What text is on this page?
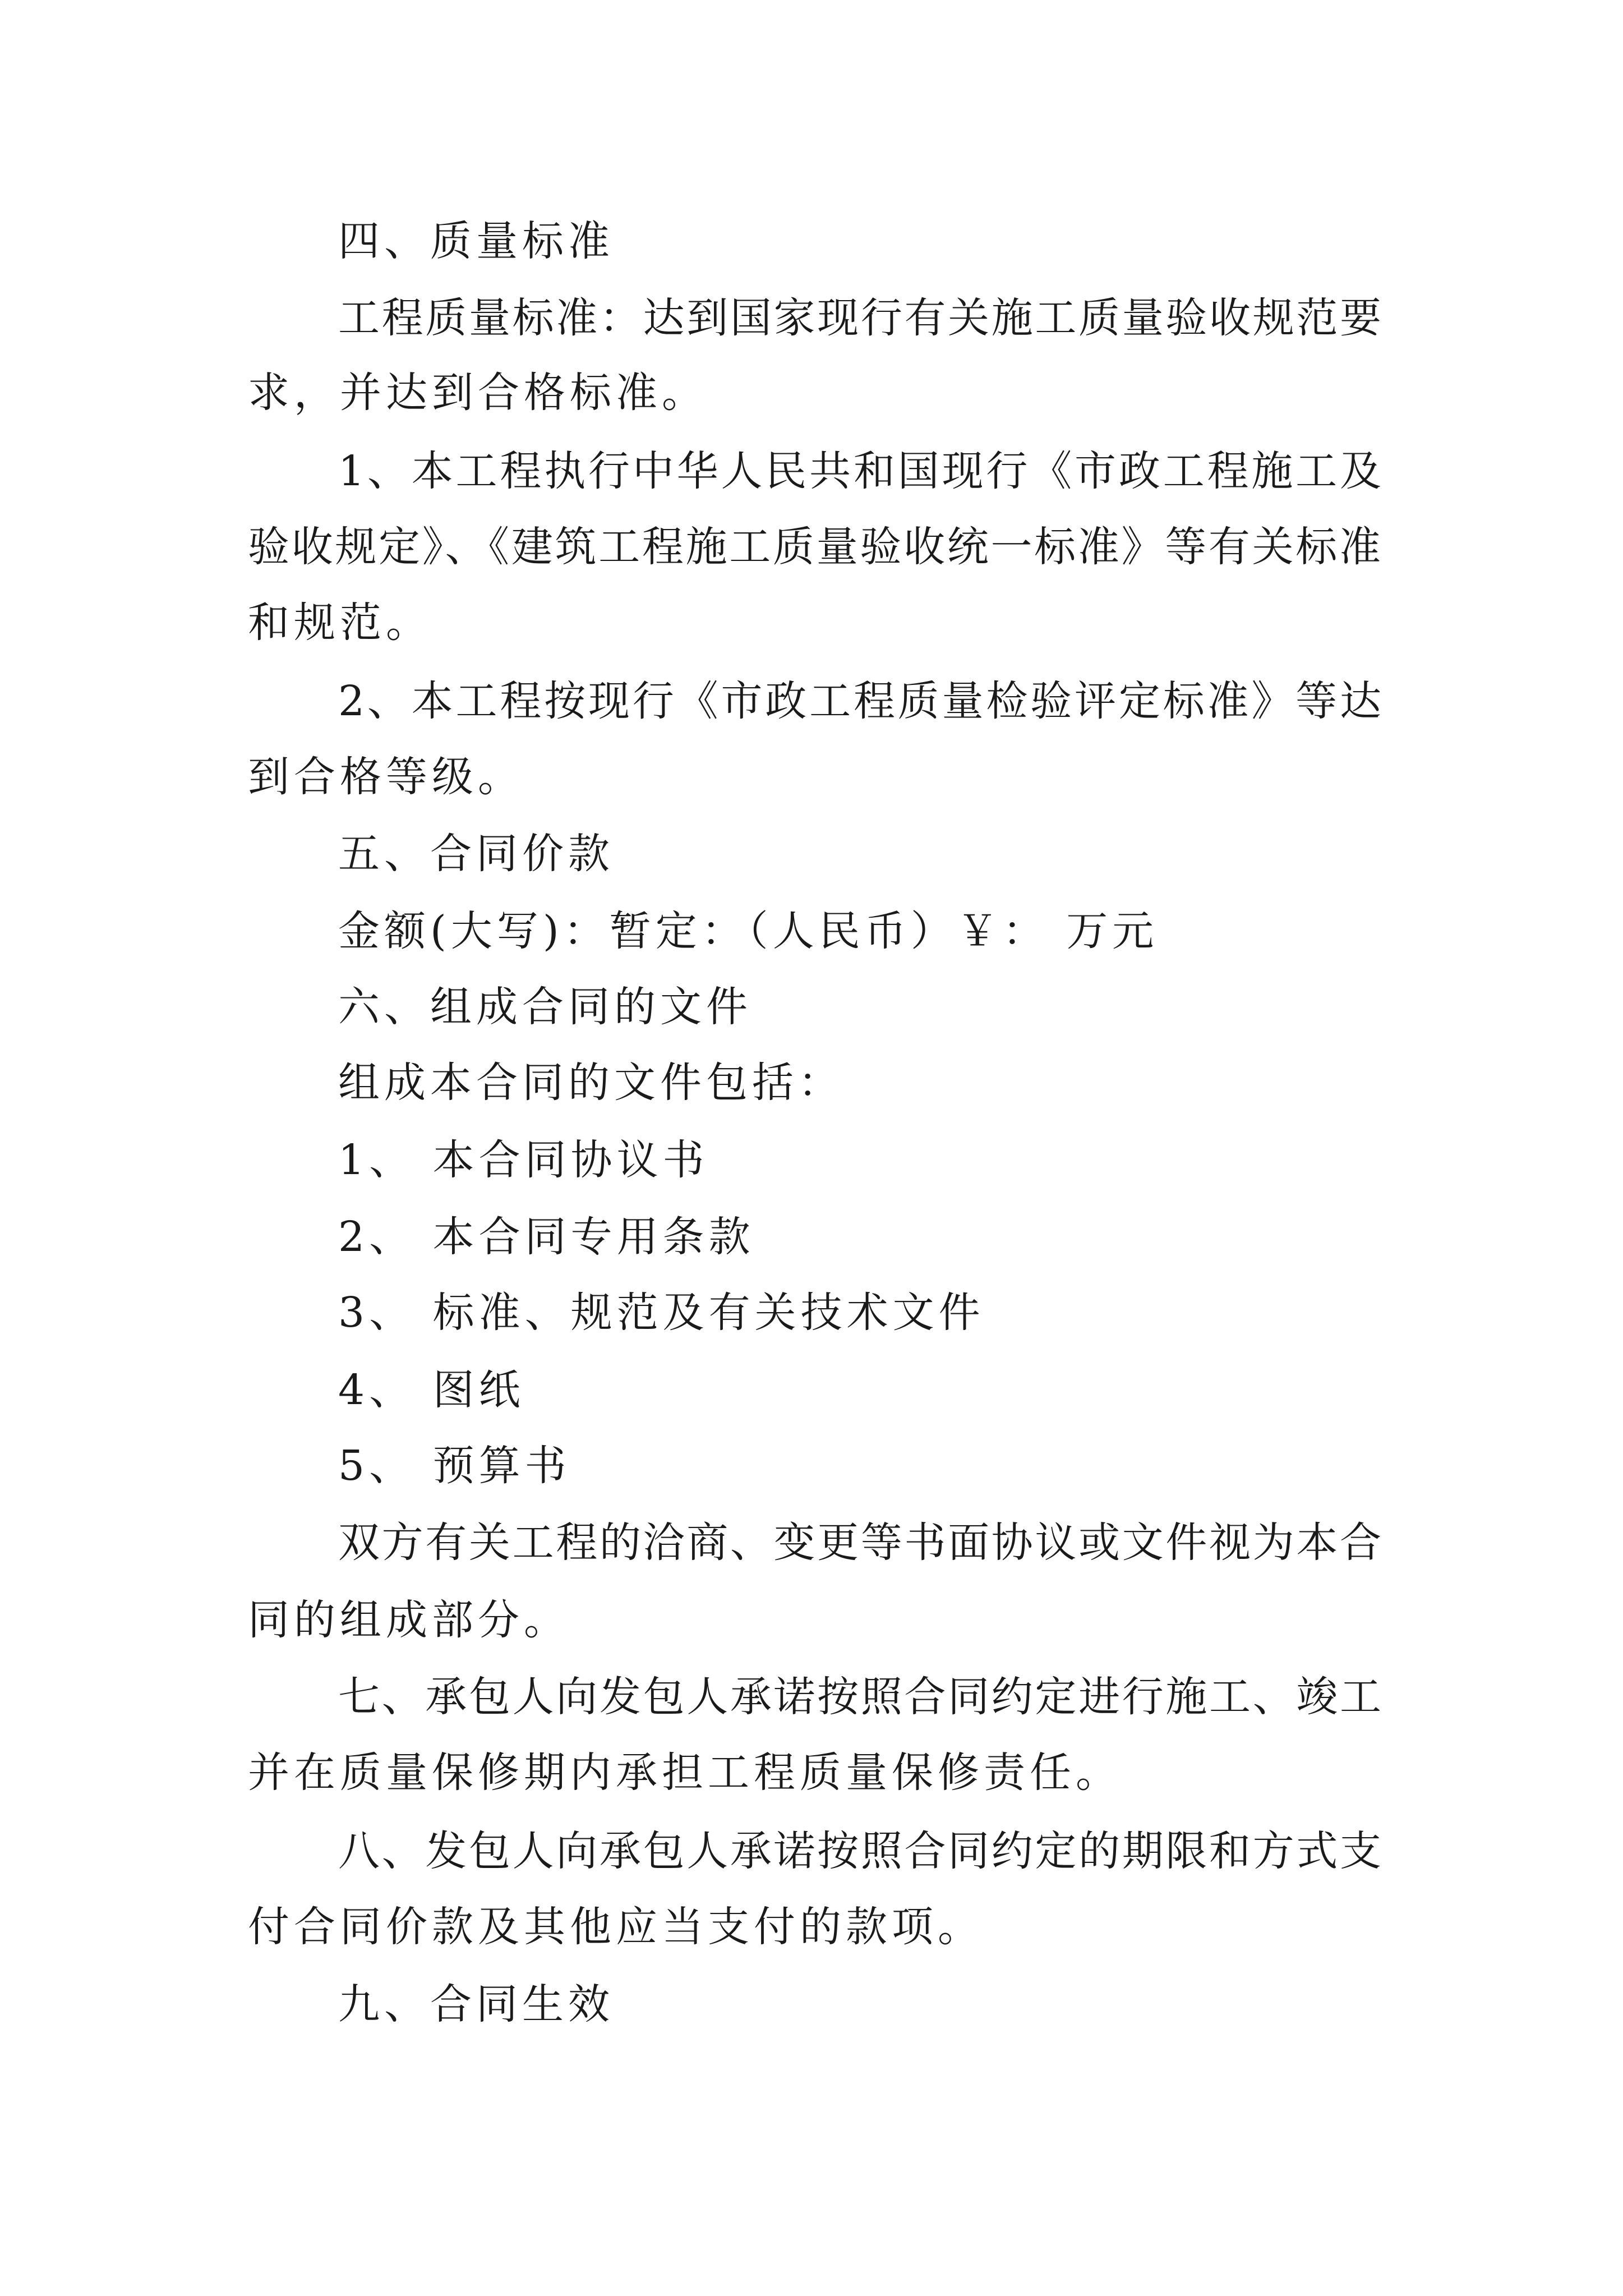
四、质量标准
工程质量标准：达到国家现行有关施工质量验收规范要
求，并达到合格标准。
1、本工程执行中华人民共和国现行《市政工程施工及
验收规定》、《建筑工程施工质量验收统一标准》等有关标准
和规范。
2、本工程按现行《市政工程质量检验评定标准》等达
到合格等级。
五、合同价款
金额(大写)：暂定：（人民币）￥： 万元
六、组成合同的文件
组成本合同的文件包括：
1、 本合同协议书
2、 本合同专用条款
3、 标准、规范及有关技术文件
4、 图纸
5、 预算书
双方有关工程的洽商、变更等书面协议或文件视为本合
同的组成部分。
七、承包人向发包人承诺按照合同约定进行施工、竣工
并在质量保修期内承担工程质量保修责任。
八、发包人向承包人承诺按照合同约定的期限和方式支
付合同价款及其他应当支付的款项。
九、合同生效
